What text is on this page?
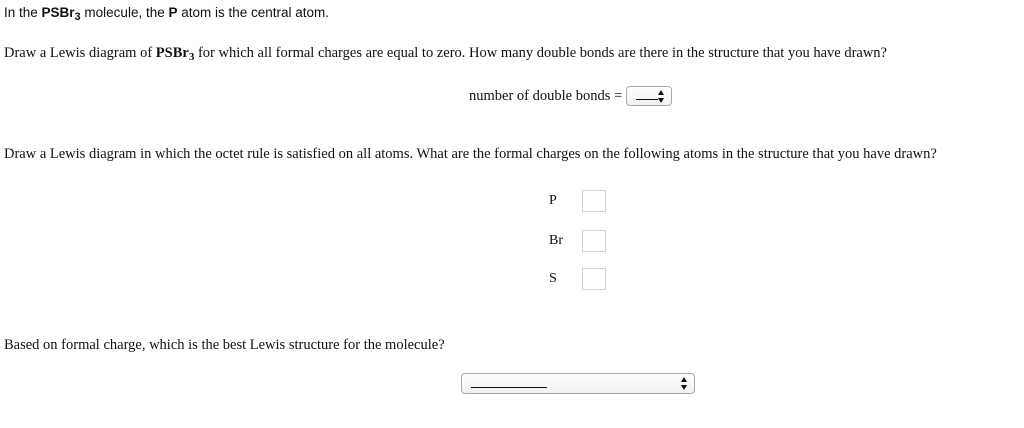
In the PSBr$_3$ molecule, the P atom is the central atom.
Draw a Lewis diagram of PSBr$_3$ for which all formal charges are equal to zero. How many double bonds are there in the structure that you have drawn?
number of double bonds =
Draw a Lewis diagram in which the octet rule is satisfied on all atoms. What are the formal charges on the following atoms in the structure that you have drawn?
P
Br
S
Based on formal charge, which is the best Lewis structure for the molecule?
